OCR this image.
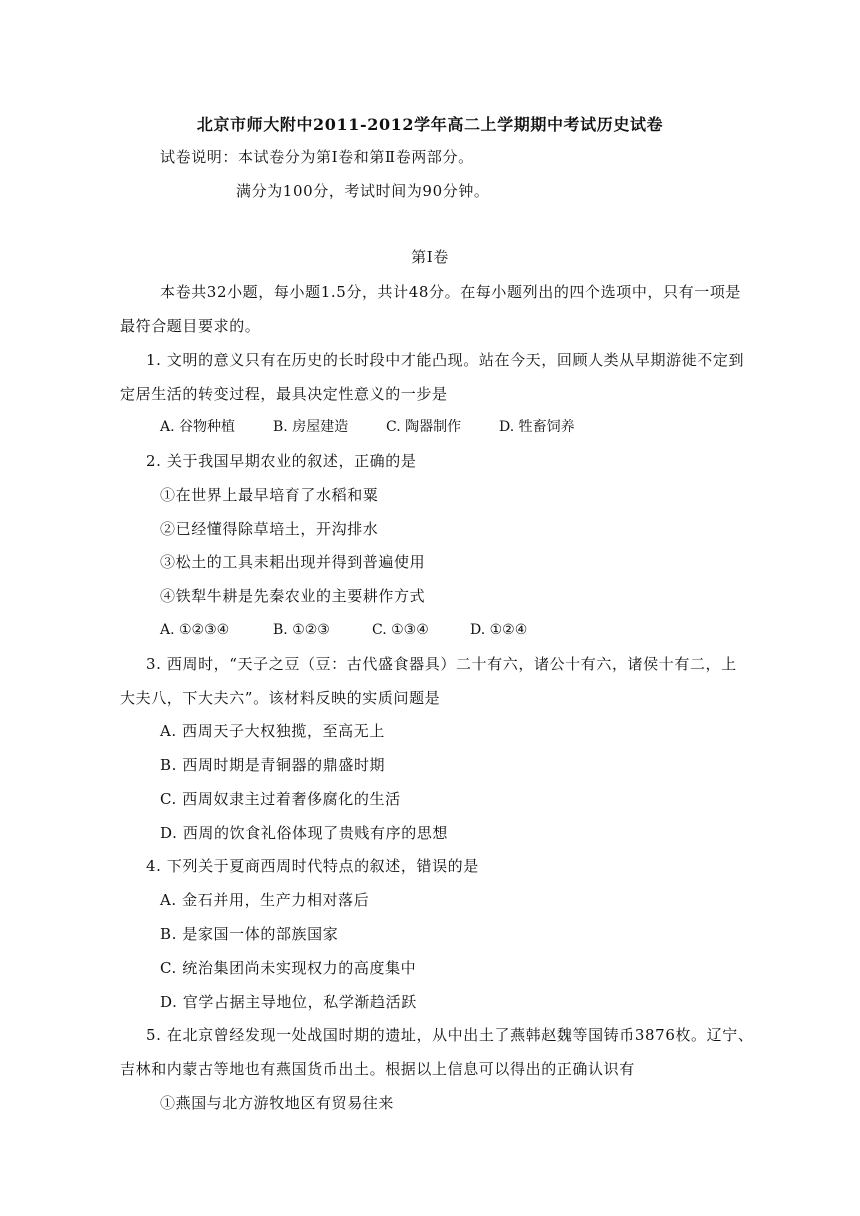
北京市师大附中2011-2012学年高二上学期期中考试历史试卷
试卷说明：本试卷分为第Ⅰ卷和第Ⅱ卷两部分。
满分为100分，考试时间为90分钟。
第Ⅰ卷
本卷共32小题，每小题1.5分，共计48分。在每小题列出的四个选项中，只有一项是
最符合题目要求的。
1. 文明的意义只有在历史的长时段中才能凸现。站在今天，回顾人类从早期游徙不定到
定居生活的转变过程，最具决定性意义的一步是
A. 谷物种植	B. 房屋建造	C. 陶器制作	D. 牲畜饲养
2. 关于我国早期农业的叙述，正确的是
①在世界上最早培育了水稻和粟
②已经懂得除草培土，开沟排水
③松土的工具耒耜出现并得到普遍使用
④铁犁牛耕是先秦农业的主要耕作方式
A. ①②③④	B. ①②③	C. ①③④	D. ①②④
3. 西周时，“天子之豆（豆：古代盛食器具）二十有六，诸公十有六，诸侯十有二，上
大夫八，下大夫六”。该材料反映的实质问题是
A. 西周天子大权独揽，至高无上
B. 西周时期是青铜器的鼎盛时期
C. 西周奴隶主过着奢侈腐化的生活
D. 西周的饮食礼俗体现了贵贱有序的思想
4. 下列关于夏商西周时代特点的叙述，错误的是
A. 金石并用，生产力相对落后
B. 是家国一体的部族国家
C. 统治集团尚未实现权力的高度集中
D. 官学占据主导地位，私学渐趋活跃
5. 在北京曾经发现一处战国时期的遗址，从中出土了燕韩赵魏等国铸币3876枚。辽宁、
吉林和内蒙古等地也有燕国货币出土。根据以上信息可以得出的正确认识有
①燕国与北方游牧地区有贸易往来
